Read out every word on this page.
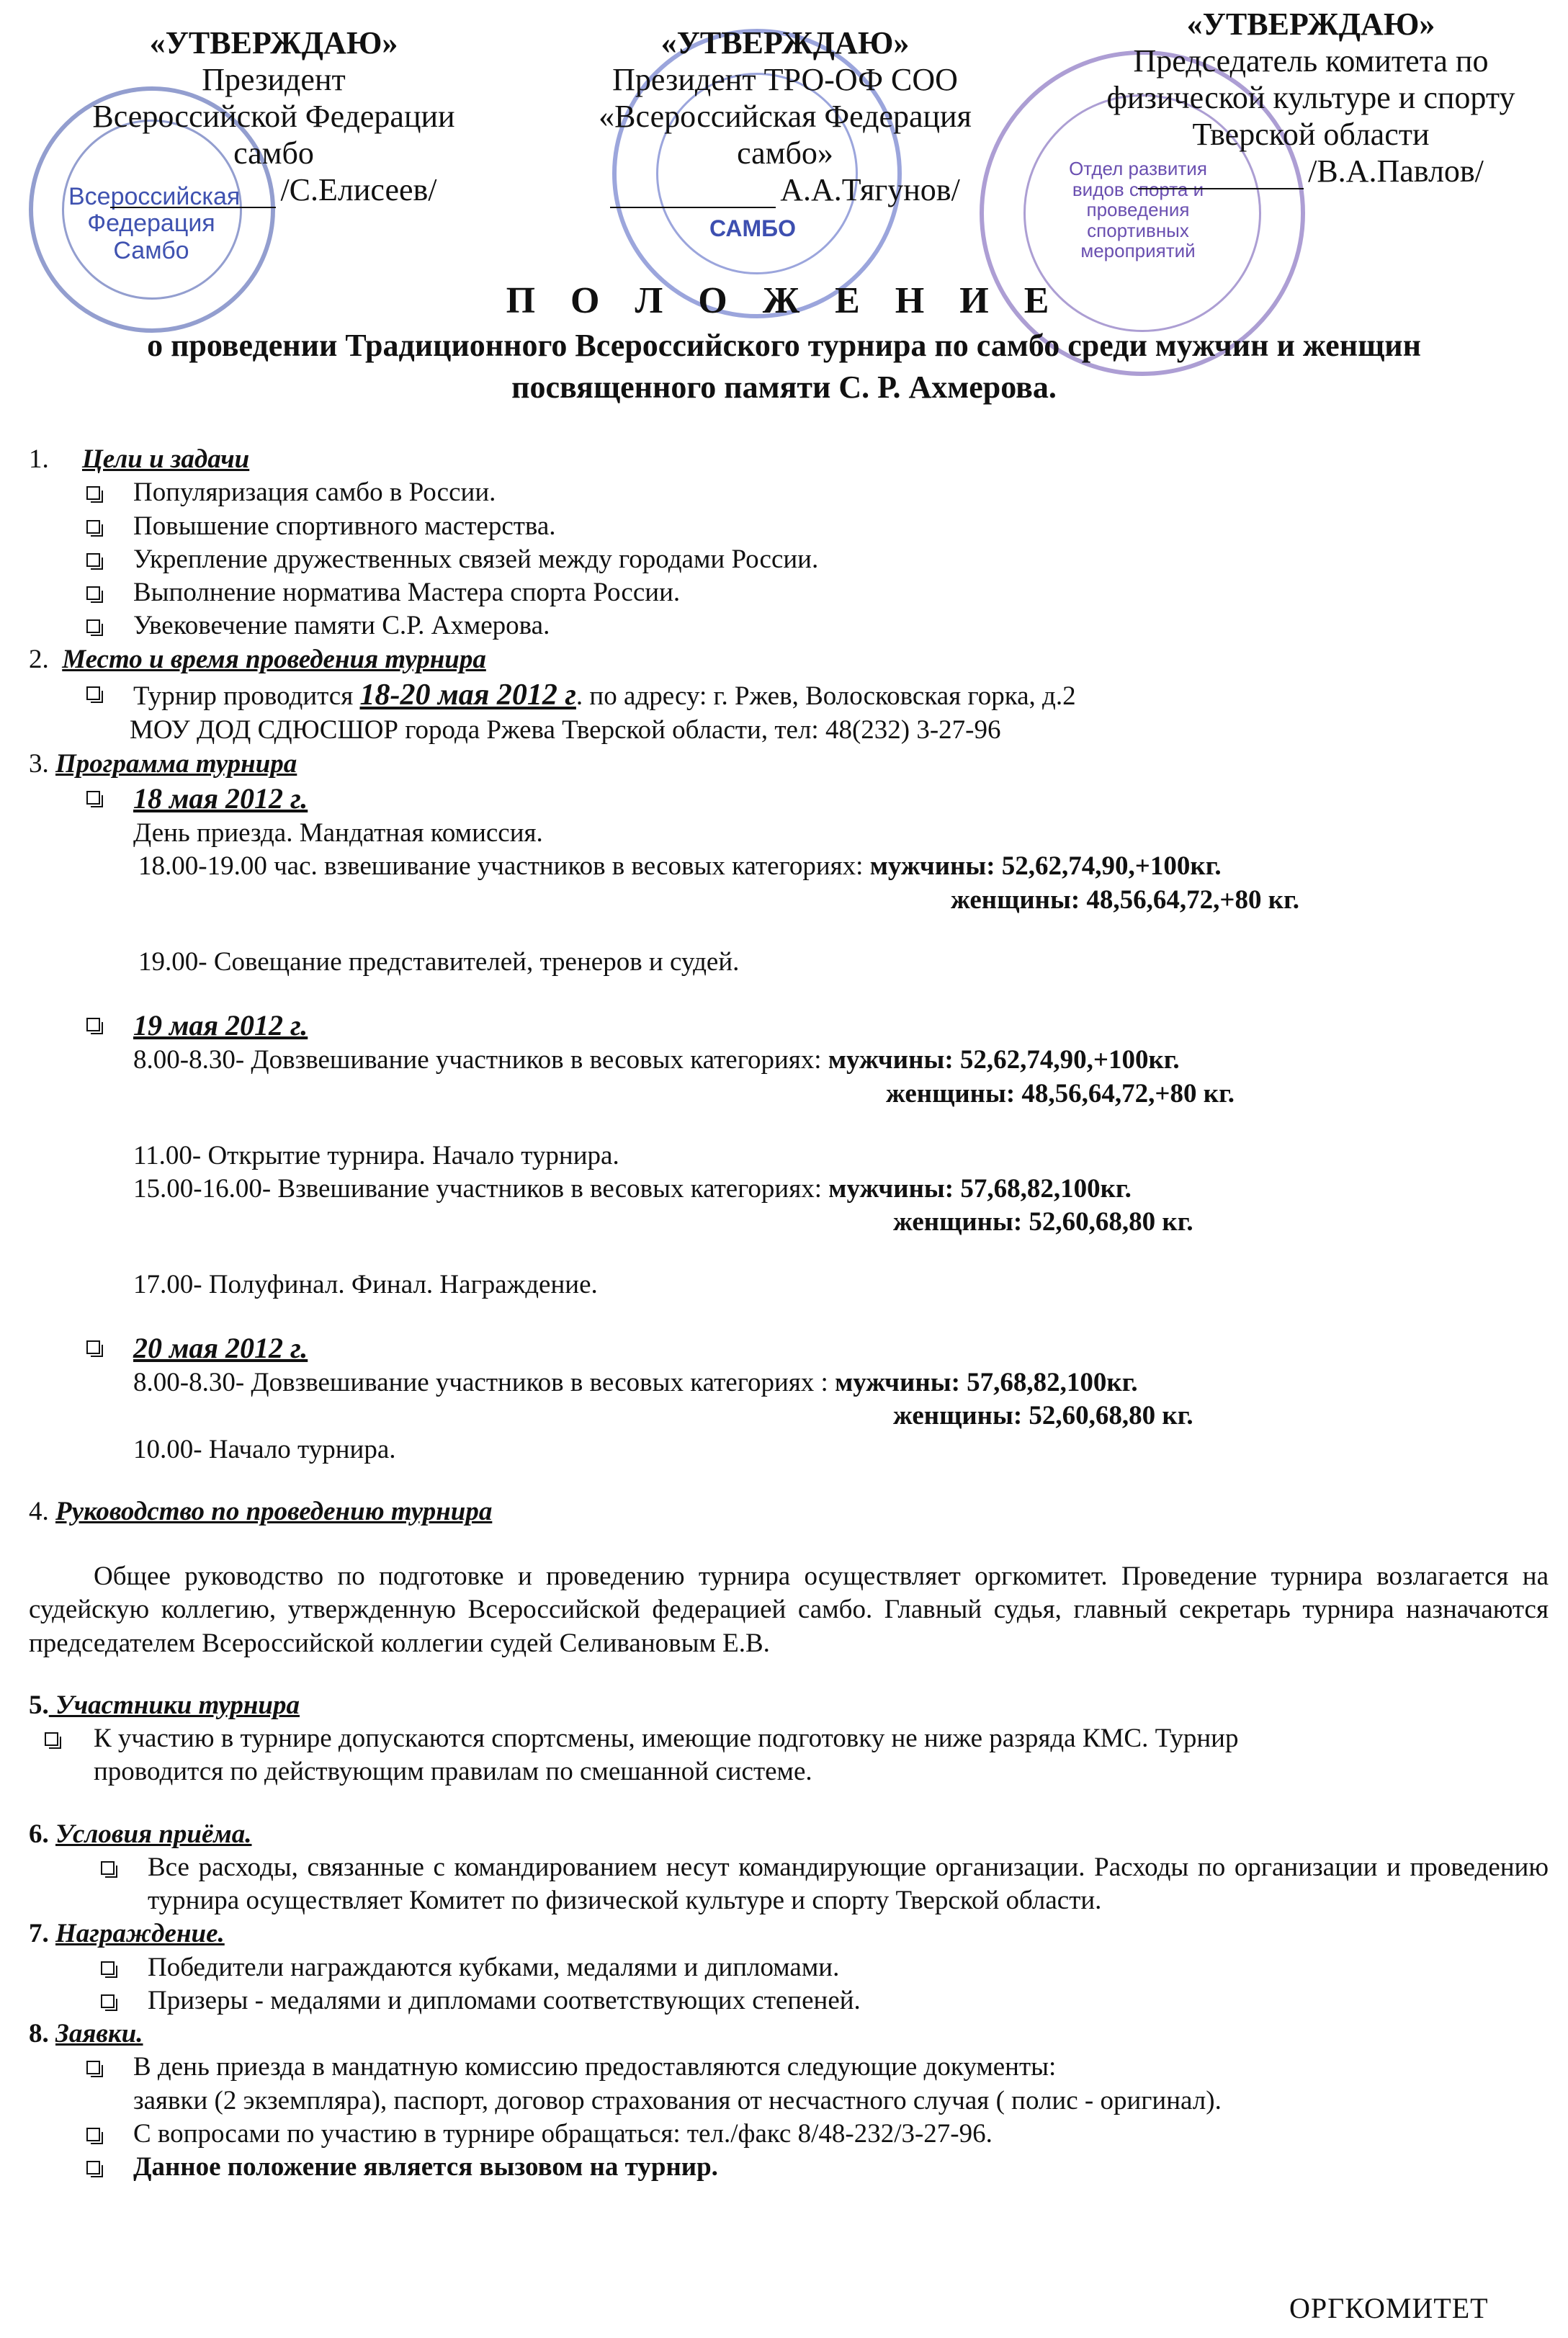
Всероссийская Федерация Самбо
САМБО
Отдел развития видов спорта и проведения спортивных мероприятий
«УТВЕРЖДАЮ»
Президент
Всероссийской Федерации
самбо
/С.Елисеев/
«УТВЕРЖДАЮ»
Президент ТРО-ОФ СОО
«Всероссийская Федерация
самбо»
А.А.Тягунов/
«УТВЕРЖДАЮ»
Председатель комитета по
физической культуре и спорту
Тверской области
/В.А.Павлов/
П О Л О Ж Е Н И Е
о проведении Традиционного Всероссийского турнира по самбо среди мужчин и женщин
посвященного памяти С. Р. Ахмерова.
1. Цели и задачи
Популяризация самбо в России.
Повышение спортивного мастерства.
Укрепление дружественных связей между городами России.
Выполнение норматива Мастера спорта России.
Увековечение памяти С.Р. Ахмерова.
2. Место и время проведения турнира
Турнир проводится 18-20 мая 2012 г. по адресу: г. Ржев, Волосковская горка, д.2
МОУ ДОД СДЮСШОР города Ржева Тверской области, тел: 48(232) 3-27-96
3. Программа турнира
18 мая 2012 г.
День приезда. Мандатная комиссия.
18.00-19.00 час. взвешивание участников в весовых категориях: мужчины: 52,62,74,90,+100кг.
женщины: 48,56,64,72,+80 кг.
19.00- Совещание представителей, тренеров и судей.
19 мая 2012 г.
8.00-8.30- Довзвешивание участников в весовых категориях: мужчины: 52,62,74,90,+100кг.
женщины: 48,56,64,72,+80 кг.
11.00- Открытие турнира. Начало турнира.
15.00-16.00- Взвешивание участников в весовых категориях: мужчины: 57,68,82,100кг.
женщины: 52,60,68,80 кг.
17.00- Полуфинал. Финал. Награждение.
20 мая 2012 г.
8.00-8.30- Довзвешивание участников в весовых категориях : мужчины: 57,68,82,100кг.
женщины: 52,60,68,80 кг.
10.00- Начало турнира.
4. Руководство по проведению турнира
Общее руководство по подготовке и проведению турнира осуществляет оргкомитет. Проведение турнира возлагается на судейскую коллегию, утвержденную Всероссийской федерацией самбо. Главный судья, главный секретарь турнира назначаются председателем Всероссийской коллегии судей Селивановым Е.В.
5. Участники турнира
К участию в турнире допускаются спортсмены, имеющие подготовку не ниже разряда КМС. Турнир
проводится по действующим правилам по смешанной системе.
6. Условия приёма.
Все расходы, связанные с командированием несут командирующие организации. Расходы по организации и проведению турнира осуществляет Комитет по физической культуре и спорту Тверской области.
7. Награждение.
Победители награждаются кубками, медалями и дипломами.
Призеры - медалями и дипломами соответствующих степеней.
8. Заявки.
В день приезда в мандатную комиссию предоставляются следующие документы:
заявки (2 экземпляра), паспорт, договор страхования от несчастного случая ( полис - оригинал).
С вопросами по участию в турнире обращаться: тел./факс 8/48-232/3-27-96.
Данное положение является вызовом на турнир.
ОРГКОМИТЕТ
